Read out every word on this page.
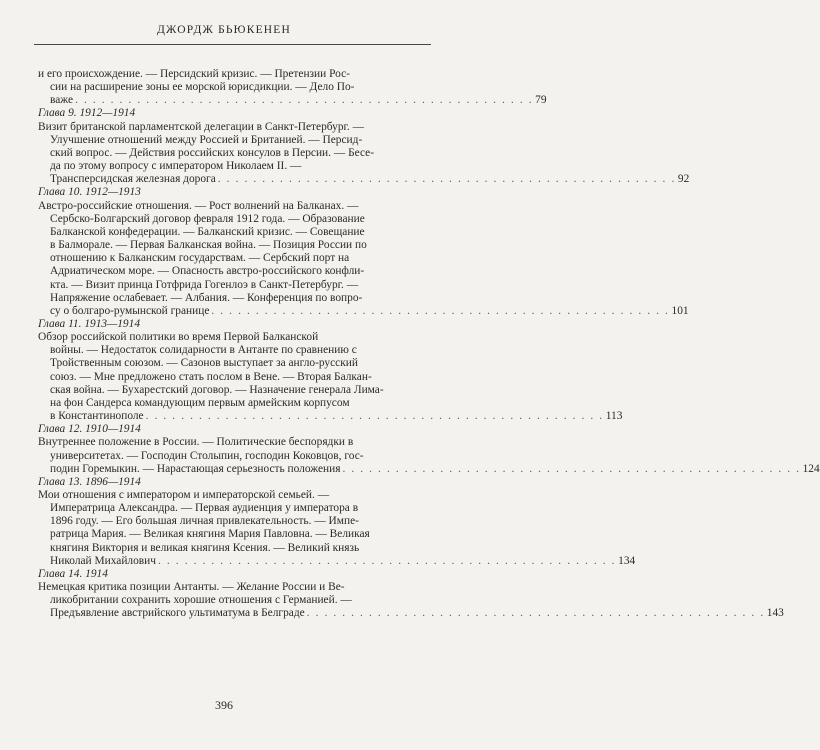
ДЖОРДЖ БЬЮКЕНЕН
и его происхождение. — Персидский кризис. — Претензии Рос-
сии на расширение зоны ее морской юрисдикции. — Дело По-
важе . . . . . . . . . . . . . . . . . . . . . . . . . . . . . . . . . . . . . . . . . . . . . . . . . . . . 79
Глава 9. 1912—1914
Визит британской парламентской делегации в Санкт-Петербург. —
Улучшение отношений между Россией и Британией. — Персид-
ский вопрос. — Действия российских консулов в Персии. — Бесе-
да по этому вопросу с императором Николаем II. —
Трансперсидская железная дорога . . . . . . . . . . . . . . . . . . . . . . . . . . . . . . . . . . . . . . . . . . . . . . . . . . . . 92
Глава 10. 1912—1913
Австро-российские отношения. — Рост волнений на Балканах. —
Сербско-Болгарский договор февраля 1912 года. — Образование
Балканской конфедерации. — Балканский кризис. — Совещание
в Балморале. — Первая Балканская война. — Позиция России по
отношению к Балканским государствам. — Сербский порт на
Адриатическом море. — Опасность австро-российского конфли-
кта. — Визит принца Готфрида Гогенлоэ в Санкт-Петербург. —
Напряжение ослабевает. — Албания. — Конференция по вопро-
су о болгаро-румынской границе . . . . . . . . . . . . . . . . . . . . . . . . . . . . . . . . . . . . . . . . . . . . . . . . . . . . 101
Глава 11. 1913—1914
Обзор российской политики во время Первой Балканской
войны. — Недостаток солидарности в Антанте по сравнению с
Тройственным союзом. — Сазонов выступает за англо-русский
союз. — Мне предложено стать послом в Вене. — Вторая Балкан-
ская война. — Бухарестский договор. — Назначение генерала Лима-
на фон Сандерса командующим первым армейским корпусом
в Константинополе . . . . . . . . . . . . . . . . . . . . . . . . . . . . . . . . . . . . . . . . . . . . . . . . . . . . 113
Глава 12. 1910—1914
Внутреннее положение в России. — Политические беспорядки в
университетах. — Господин Столыпин, господин Коковцов, гос-
подин Горемыкин. — Нарастающая серьезность положения . . . . . . . . . . . . . . . . . . . . . . . . . . . . . . . . . . . . . . . . . . . . . . . . . . . . 124
Глава 13. 1896—1914
Мои отношения с императором и императорской семьей. —
Императрица Александра. — Первая аудиенция у императора в
1896 году. — Его большая личная привлекательность. — Импе-
ратрица Мария. — Великая княгиня Мария Павловна. — Великая
княгиня Виктория и великая княгиня Ксения. — Великий князь
Николай Михайлович . . . . . . . . . . . . . . . . . . . . . . . . . . . . . . . . . . . . . . . . . . . . . . . . . . . . 134
Глава 14. 1914
Немецкая критика позиции Антанты. — Желание России и Ве-
ликобритании сохранить хорошие отношения с Германией. —
Предъявление австрийского ультиматума в Белграде . . . . . . . . . . . . . . . . . . . . . . . . . . . . . . . . . . . . . . . . . . . . . . . . . . . . 143
396
